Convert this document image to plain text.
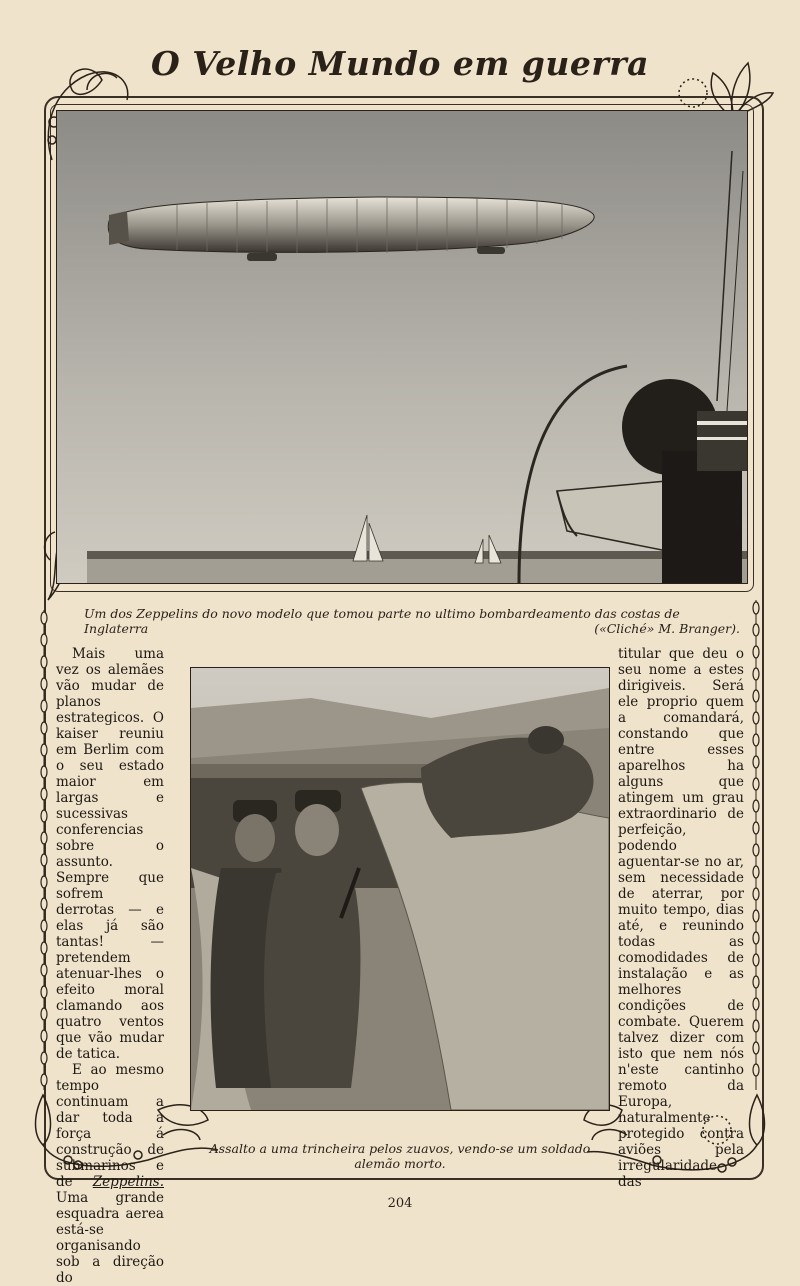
O Velho Mundo em guerra
Um dos Zeppelins do novo modelo que tomou parte no ultimo bombardeamento das costas de Inglaterra	(«Cliché» M. Branger).
Assalto a uma trincheira pelos zuavos, vendo-se um soldado alemão morto.

Mais uma vez os alemães vão mudar de planos estrategicos. O kaiser reuniu em Berlim com o seu estado maior em largas e sucessivas conferencias sobre o assunto. Sempre que sofrem derrotas — e elas já são tantas! — pretendem atenuar-lhes o efeito moral clamando aos quatro ventos que vão mudar de tatica.

E ao mesmo tempo continuam a dar toda a força á construção de submarinos e de Zeppelins. Uma grande esquadra aerea está-se organisando sob a direção do

titular que deu o seu nome a estes dirigiveis. Será ele proprio quem a comandará, constando que entre esses aparelhos ha alguns que atingem um grau extraordinario de perfeição, podendo aguentar-se no ar, sem necessidade de aterrar, por muito tempo, dias até, e reunindo todas as comodidades de instalação e as melhores condições de combate. Querem talvez dizer com isto que nem nós n'este cantinho remoto da Europa, naturalmente protegido contra aviões pela irregularidade das

204
